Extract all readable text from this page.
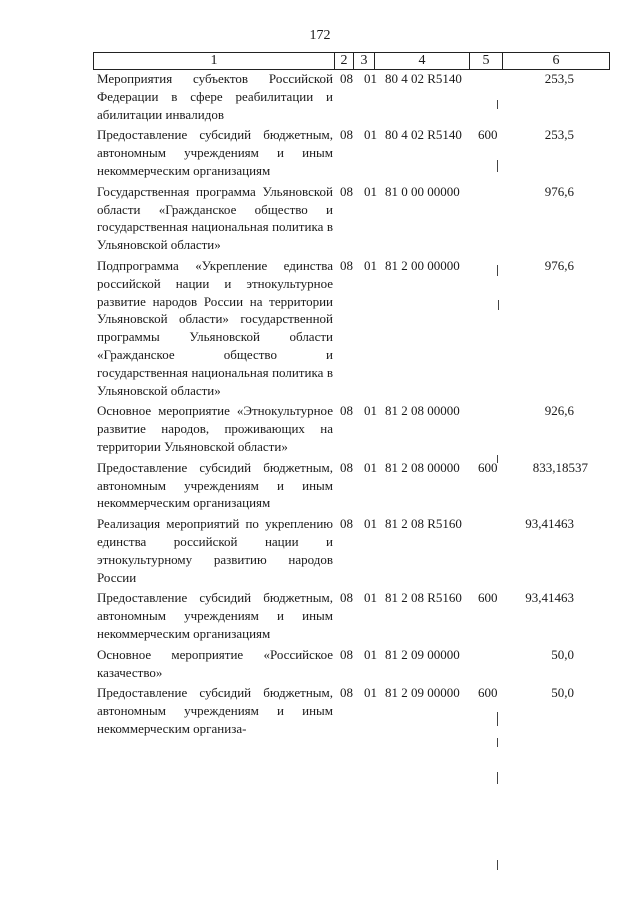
172
1	2 3	4	5	6
Мероприятия субъектов Российской Федерации в сфере реабилитации и абилитации инвалидов
08 01 80 4 02 R5140	253,5
Предоставление субсидий бюджетным, автономным учреждениям и иным некоммерческим организациям
08 01 80 4 02 R5140 600	253,5
Государственная программа Ульяновской области «Гражданское общество и государственная национальная политика в Ульяновской области»
08 01 81 0 00 00000	976,6
Подпрограмма «Укрепление единства российской нации и этнокультурное развитие народов России на территории Ульяновской области» государственной программы Ульяновской области «Гражданское общество и государственная национальная политика в Ульяновской области»
08 01 81 2 00 00000	976,6
Основное мероприятие «Этнокультурное развитие народов, проживающих на территории Ульяновской области»
08 01 81 2 08 00000	926,6
Предоставление субсидий бюджетным, автономным учреждениям и иным некоммерческим организациям
08 01 81 2 08 00000 600	833,18537
Реализация мероприятий по укреплению единства российской нации и этнокультурному развитию народов России
08 01 81 2 08 R5160	93,41463
Предоставление субсидий бюджетным, автономным учреждениям и иным некоммерческим организациям
08 01 81 2 08 R5160 600 93,41463
Основное мероприятие «Российское казачество»
08 01 81 2 09 00000	50,0
Предоставление субсидий бюджетным, автономным учреждениям и иным некоммерческим организа-
08 01 81 2 09 00000 600	50,0
